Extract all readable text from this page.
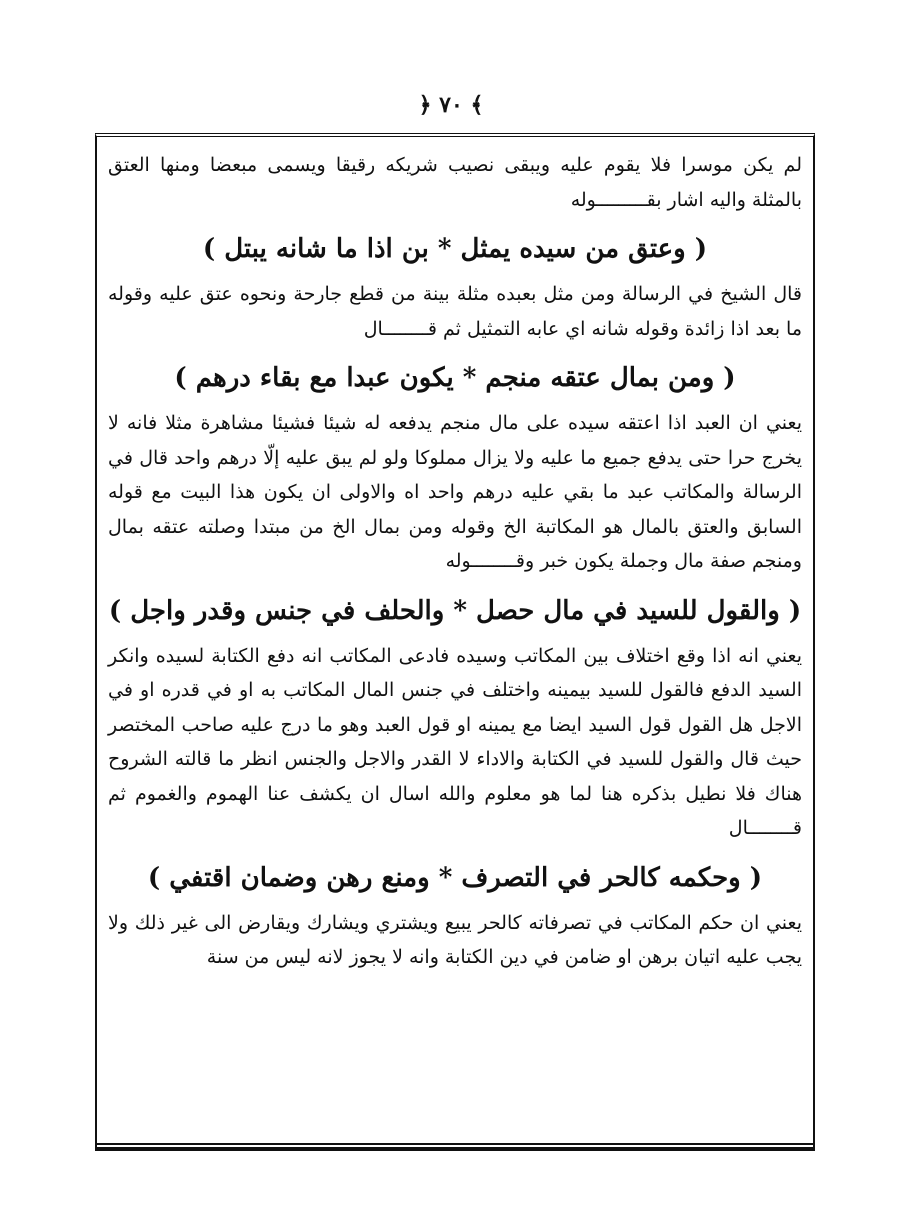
﴿ ٧٠ ﴾

لم يكن موسرا فلا يقوم عليه ويبقى نصيب شريكه رقيقا ويسمى مبعضا ومنها العتق بالمثلة واليه اشار بقـــــــــوله

( وعتق من سيده يمثل * بن اذا ما شانه يبتل )

قال الشيخ في الرسالة ومن مثل بعبده مثلة بينة من قطع جارحة ونحوه عتق عليه وقوله ما بعد اذا زائدة وقوله شانه اي عابه التمثيل ثم قــــــــال

( ومن بمال عتقه منجم * يكون عبدا مع بقاء درهم )

يعني ان العبد اذا اعتقه سيده على مال منجم يدفعه له شيئا فشيئا مشاهرة مثلا فانه لا يخرج حرا حتى يدفع جميع ما عليه ولا يزال مملوكا ولو لم يبق عليه إلّا درهم واحد قال في الرسالة والمكاتب عبد ما بقي عليه درهم واحد اه والاولى ان يكون هذا البيت مع قوله السابق والعتق بالمال هو المكاتبة الخ وقوله ومن بمال الخ من مبتدا وصلته عتقه بمال ومنجم صفة مال وجملة يكون خبر وقــــــــوله

( والقول للسيد في مال حصل * والحلف في جنس وقدر واجل )

يعني انه اذا وقع اختلاف بين المكاتب وسيده فادعى المكاتب انه دفع الكتابة لسيده وانكر السيد الدفع فالقول للسيد بيمينه واختلف في جنس المال المكاتب به او في قدره او في الاجل هل القول قول السيد ايضا مع يمينه او قول العبد وهو ما درج عليه صاحب المختصر حيث قال والقول للسيد في الكتابة والاداء لا القدر والاجل والجنس انظر ما قالته الشروح هناك فلا نطيل بذكره هنا لما هو معلوم والله اسال ان يكشف عنا الهموم والغموم ثم قــــــــال

( وحكمه كالحر في التصرف * ومنع رهن وضمان اقتفي )

يعني ان حكم المكاتب في تصرفاته كالحر يبيع ويشتري ويشارك ويقارض الى غير ذلك ولا يجب عليه اتيان برهن او ضامن في دين الكتابة وانه لا يجوز لانه ليس من سنة
